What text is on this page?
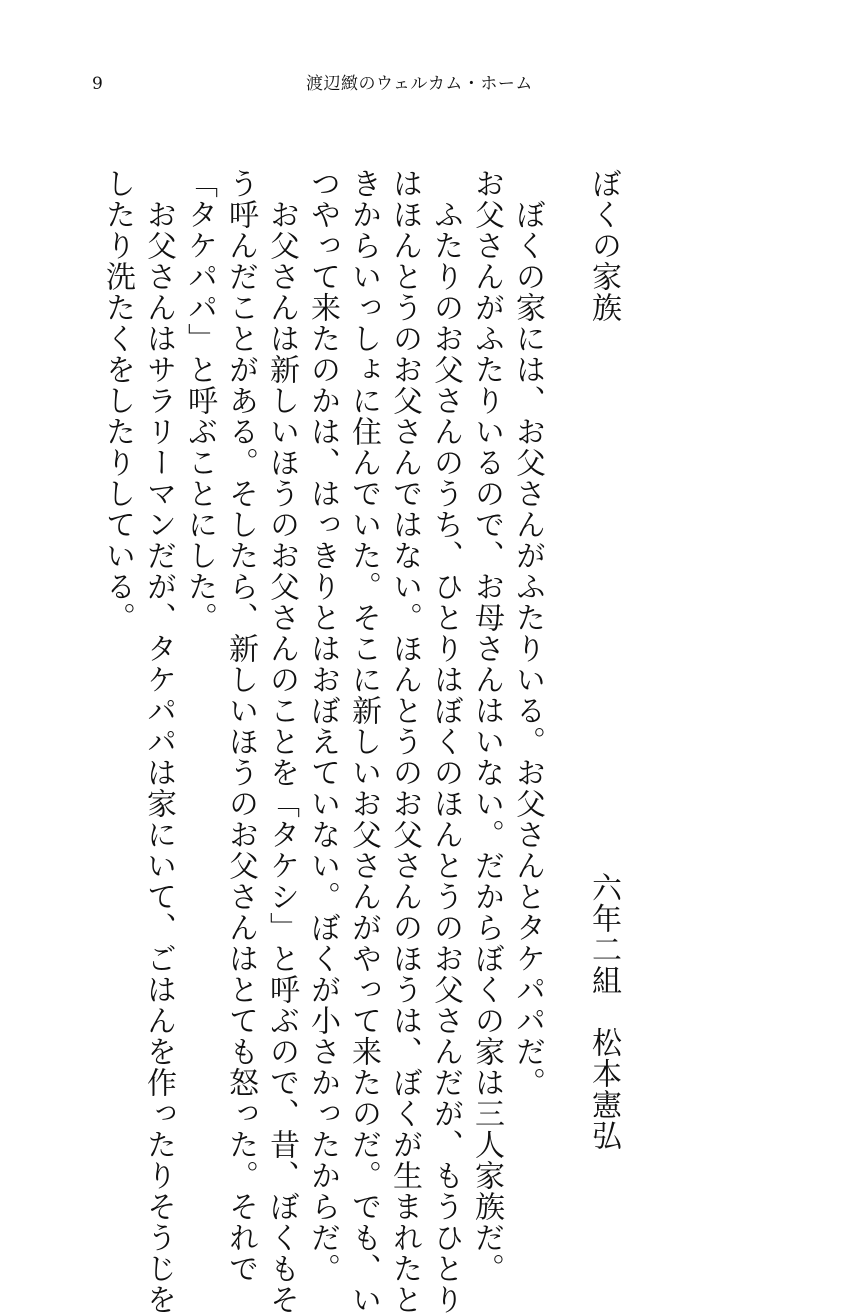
9	渡辺緻のウェルカム・ホーム
ぼくの家族
六年二組　松本憲弘
　ぼくの家には、お父さんがふたりいる。お父さんとタケパパだ。
お父さんがふたりいるので、お母さんはいない。だからぼくの家は三人家族だ。
　ふたりのお父さんのうち、ひとりはぼくのほんとうのお父さんだが、もうひとり
はほんとうのお父さんではない。ほんとうのお父さんのほうは、ぼくが生まれたと
きからいっしょに住んでいた。そこに新しいお父さんがやって来たのだ。でも、い
つやって来たのかは、はっきりとはおぼえていない。ぼくが小さかったからだ。
　お父さんは新しいほうのお父さんのことを「タケシ」と呼ぶので、昔、ぼくもそ
う呼んだことがある。そしたら、新しいほうのお父さんはとても怒った。それで
「タケパパ」と呼ぶことにした。
　お父さんはサラリーマンだが、タケパパは家にいて、ごはんを作ったりそうじを
したり洗たくをしたりしている。
